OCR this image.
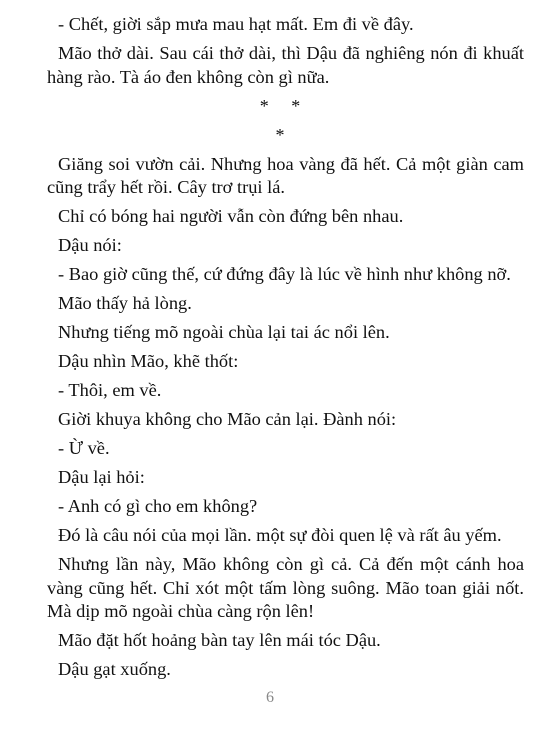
- Chết, giời sắp mưa mau hạt mất. Em đi về đây.

Mão thở dài. Sau cái thở dài, thì Dậu đã nghiêng nón đi khuất hàng rào. Tà áo đen không còn gì nữa.

*     *
*

Giăng soi vườn cải. Nhưng hoa vàng đã hết. Cả một giàn cam cũng trẩy hết rồi. Cây trơ trụi lá.

Chỉ có bóng hai người vẫn còn đứng bên nhau.

Dậu nói:

- Bao giờ cũng thế, cứ đứng đây là lúc về hình như không nỡ.

Mão thấy hả lòng.

Nhưng tiếng mõ ngoài chùa lại tai ác nổi lên.

Dậu nhìn Mão, khẽ thốt:

- Thôi, em về.

Giời khuya không cho Mão cản lại. Đành nói:

- Ừ về.

Dậu lại hỏi:

- Anh có gì cho em không?

Đó là câu nói của mọi lần. một sự đòi quen lệ và rất âu yếm.

Nhưng lần này, Mão không còn gì cả. Cả đến một cánh hoa vàng cũng hết. Chỉ xót một tấm lòng suông. Mão toan giải nốt. Mà dịp mõ ngoài chùa càng rộn lên!

Mão đặt hốt hoảng bàn tay lên mái tóc Dậu.

Dậu gạt xuống.

6
